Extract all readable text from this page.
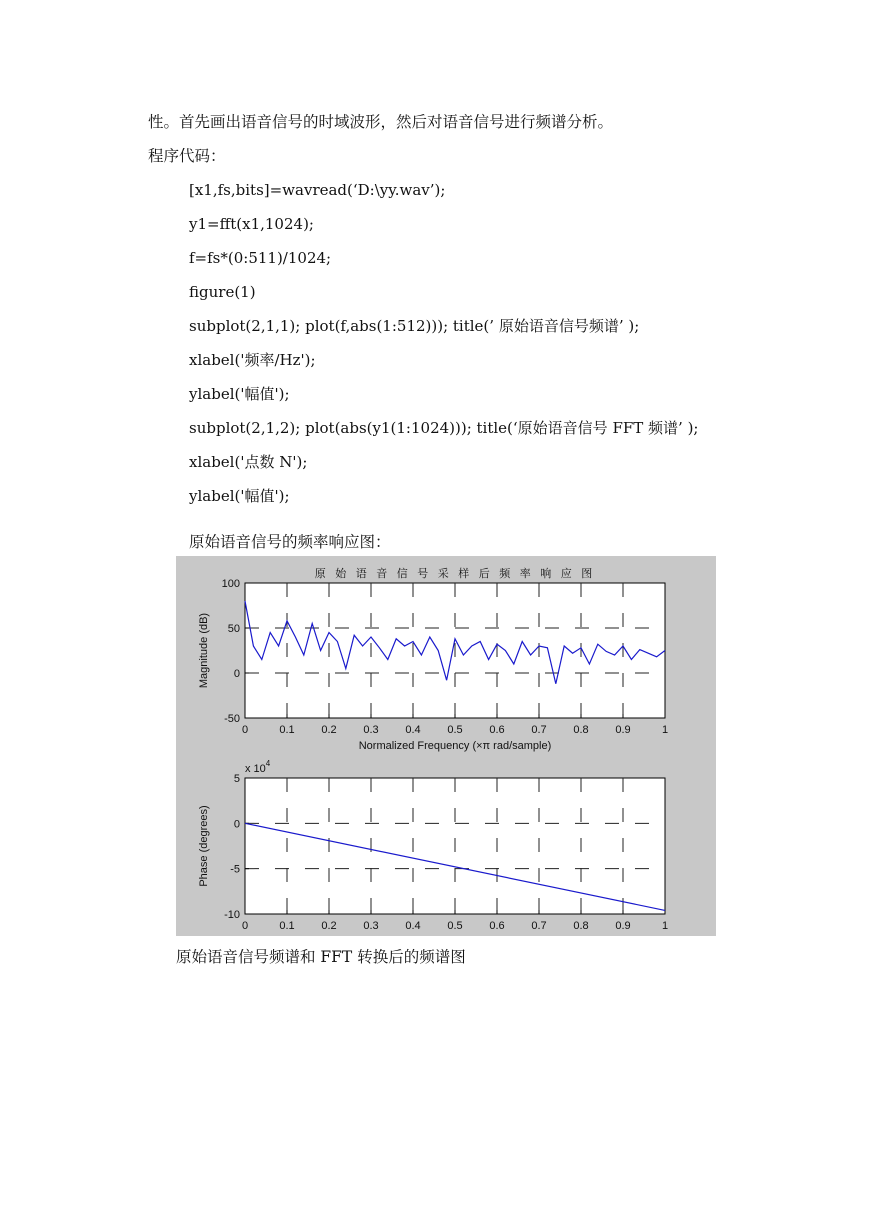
性。首先画出语音信号的时域波形，然后对语音信号进行频谱分析。
程序代码：
[x1,fs,bits]=wavread(‘D:\yy.wav’);
y1=fft(x1,1024);
f=fs*(0:511)/1024;
figure(1)
subplot(2,1,1); plot(f,abs(1:512))); title(’ 原始语音信号频谱’ );
xlabel('频率/Hz');
ylabel('幅值');
subplot(2,1,2); plot(abs(y1(1:1024))); title(‘原始语音信号 FFT 频谱’ );
xlabel('点数 N');
ylabel('幅值');
原始语音信号的频率响应图：
原 始 语 音 信 号 采 样 后 频 率 响 应 图
Normalized Frequency (×π rad/sample)
Magnitude (dB)
0	0.1 0.2 0.3 0.4 0.5 0.6 0.7 0.8 0.9	1
100
50
0
-50
Phase (degrees)
x $10^4$
0	0.1 0.2 0.3 0.4 0.5 0.6 0.7 0.8 0.9	1
5
0
-5
-10
原始语音信号频谱和 FFT 转换后的频谱图
